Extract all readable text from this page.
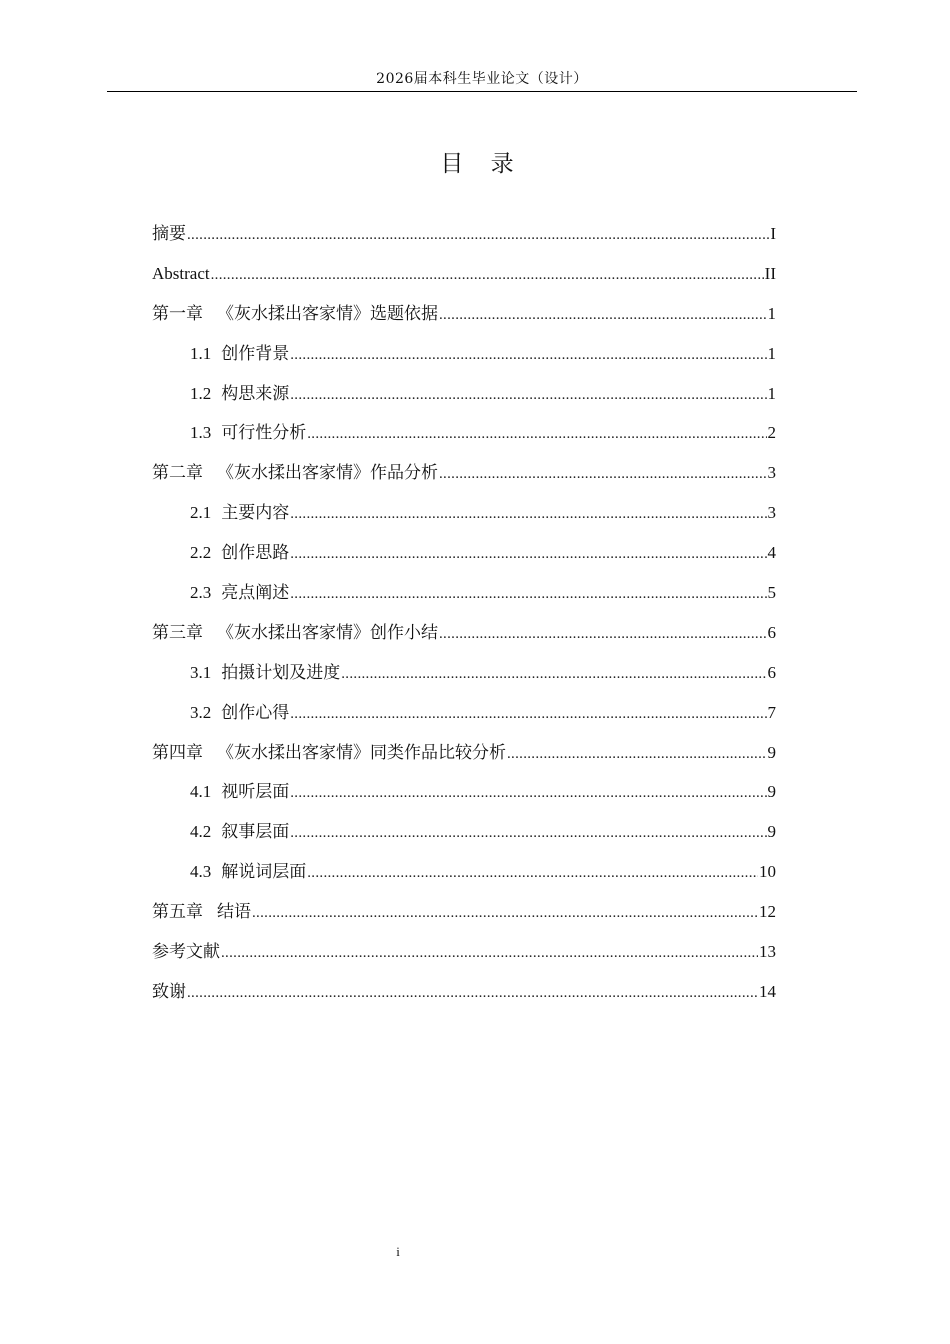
2026届本科生毕业论文（设计）
目 录
摘要 .....	I
Abstract .....	II
第一章 《灰水揉出客家情》选题依据 .....	1
1.1 创作背景 .....	1
1.2 构思来源 .....	1
1.3 可行性分析 .....	2
第二章 《灰水揉出客家情》作品分析 .....	3
2.1 主要内容 .....	3
2.2 创作思路 .....	4
2.3 亮点阐述 .....	5
第三章 《灰水揉出客家情》创作小结 .....	6
3.1 拍摄计划及进度 .....	6
3.2 创作心得 .....	7
第四章 《灰水揉出客家情》同类作品比较分析 .....	9
4.1 视听层面 .....	9
4.2 叙事层面 .....	9
4.3 解说词层面 .....	10
第五章 结语 .....	12
参考文献 .....	13
致谢 .....	14
i
